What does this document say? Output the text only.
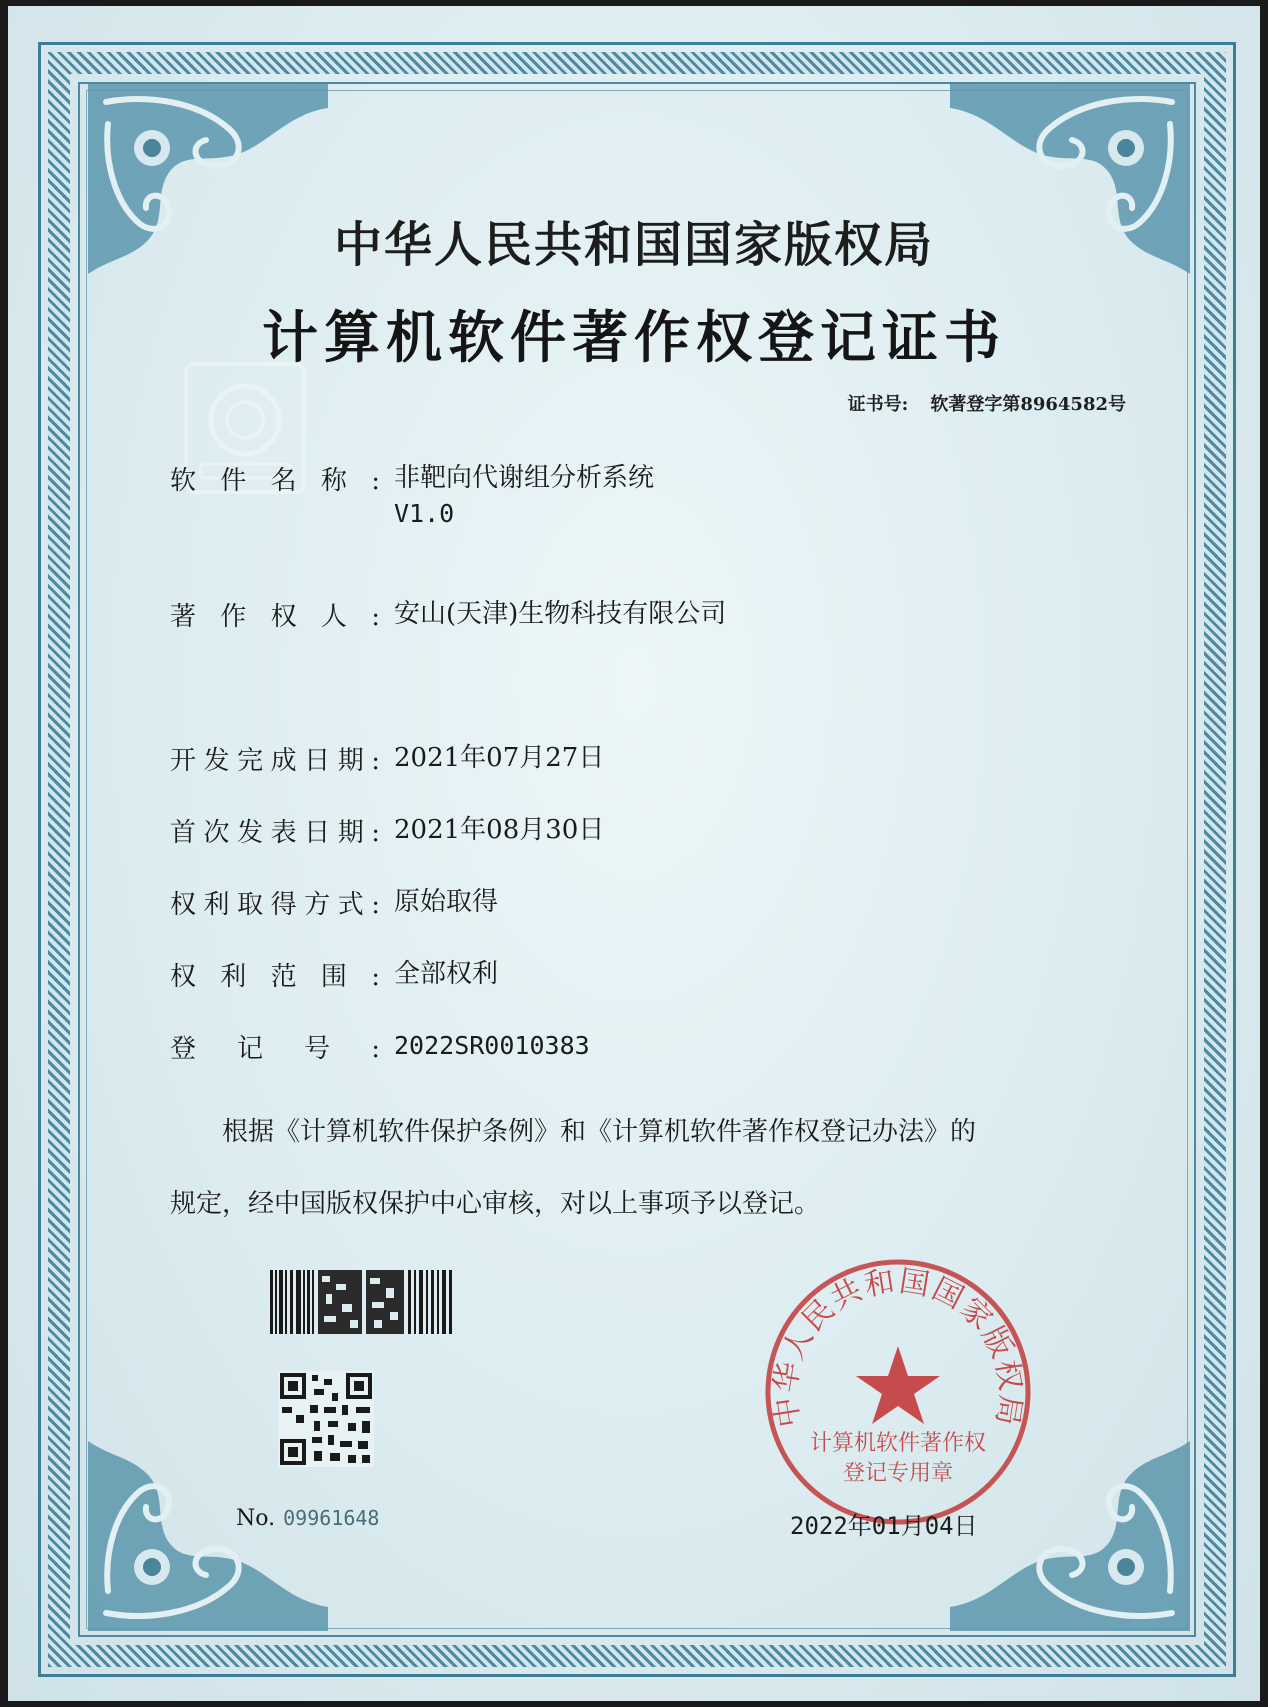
中华人民共和国国家版权局
计算机软件著作权登记证书
证书号: 软著登字第8964582号
软件名称: 非靶向代谢组分析系统
V1.0
著作权人: 安山(天津)生物科技有限公司
开发完成日期: 2021年07月27日
首次发表日期: 2021年08月30日
权利取得方式: 原始取得
权利范围: 全部权利
登记号: 2022SR0010383

根据《计算机软件保护条例》和《计算机软件著作权登记办法》的

规定，经中国版权保护中心审核，对以上事项予以登记。

No. 09961648
中华人民共和国国家版权局
计算机软件著作权
登记专用章
2022年01月04日
